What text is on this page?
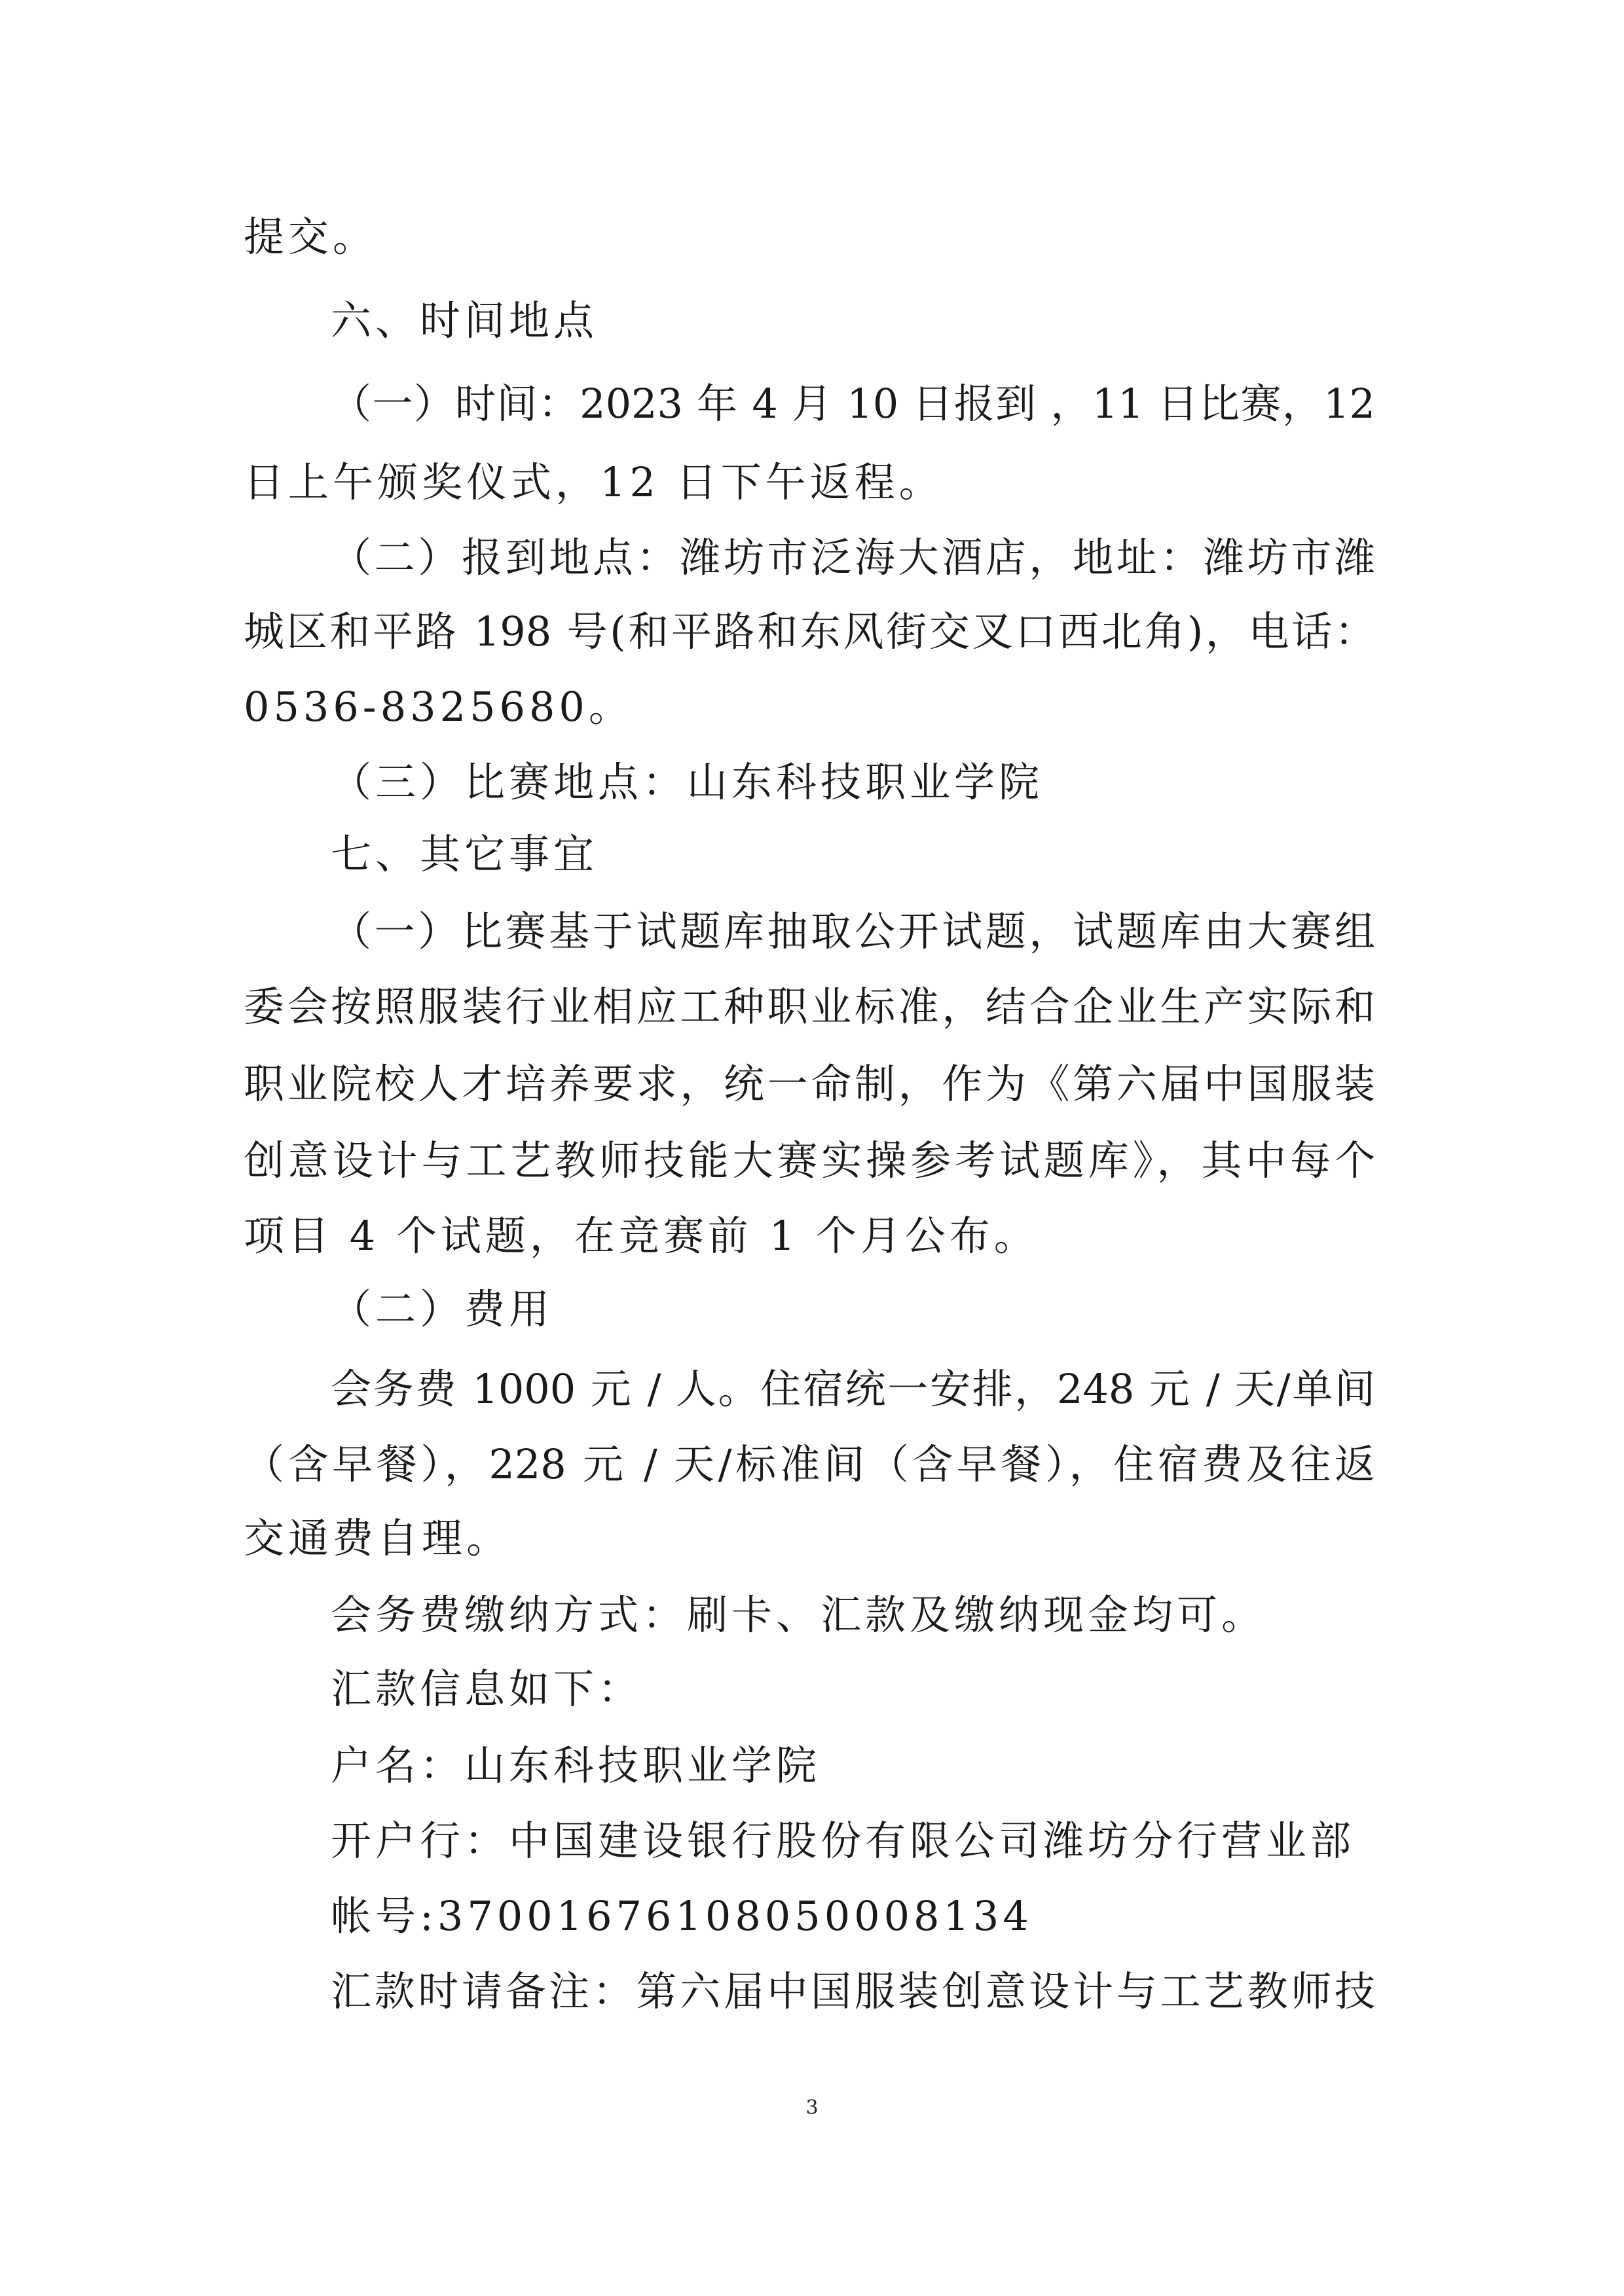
提交。
六、时间地点
（一）时间：2023 年 4 月 10 日报到 ，11 日比赛，12
日上午颁奖仪式，12 日下午返程。
（二）报到地点：潍坊市泛海大酒店，地址：潍坊市潍
城区和平路 198 号(和平路和东风街交叉口西北角)，电话：
0536-8325680。
（三）比赛地点：山东科技职业学院
七、其它事宜
（一）比赛基于试题库抽取公开试题，试题库由大赛组
委会按照服装行业相应工种职业标准，结合企业生产实际和
职业院校人才培养要求，统一命制，作为《第六届中国服装
创意设计与工艺教师技能大赛实操参考试题库》，其中每个
项目 4 个试题，在竞赛前 1 个月公布。
（二）费用
会务费 1000 元 / 人。住宿统一安排，248 元 / 天/单间
（含早餐），228 元 / 天/标准间（含早餐），住宿费及往返
交通费自理。
会务费缴纳方式：刷卡、汇款及缴纳现金均可。
汇款信息如下：
户名：山东科技职业学院
开户行：中国建设银行股份有限公司潍坊分行营业部
帐号:37001676108050008134
汇款时请备注：第六届中国服装创意设计与工艺教师技
3
